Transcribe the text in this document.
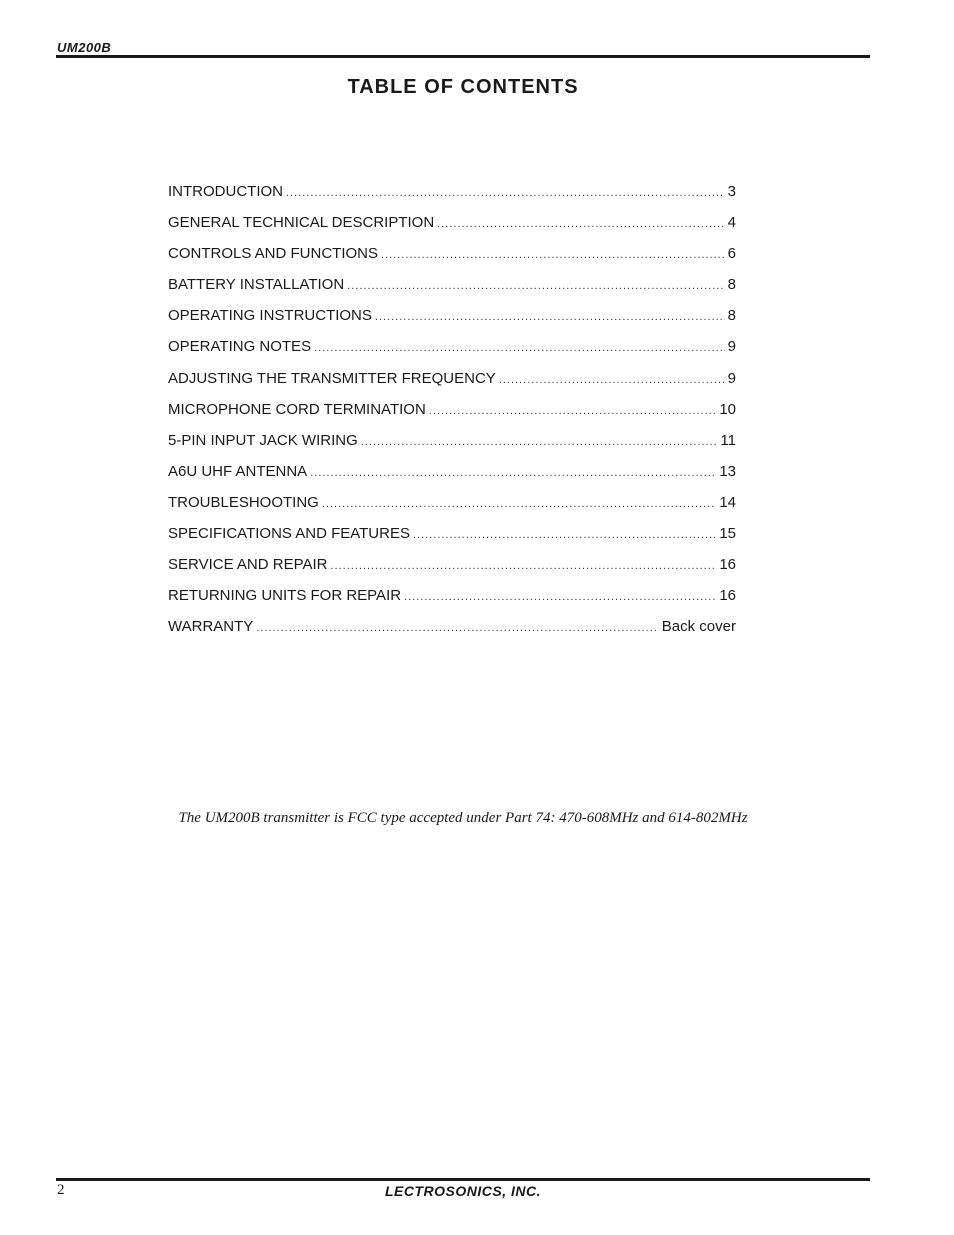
UM200B
TABLE OF CONTENTS
INTRODUCTION .....	3
GENERAL TECHNICAL DESCRIPTION .....	4
CONTROLS AND FUNCTIONS .....	6
BATTERY INSTALLATION .....	8
OPERATING INSTRUCTIONS .....	8
OPERATING NOTES .....	9
ADJUSTING THE TRANSMITTER FREQUENCY .....	9
MICROPHONE CORD TERMINATION .....	10
5-PIN INPUT JACK WIRING .....	11
A6U UHF ANTENNA .....	13
TROUBLESHOOTING .....	14
SPECIFICATIONS AND FEATURES .....	15
SERVICE AND REPAIR .....	16
RETURNING UNITS FOR REPAIR .....	16
WARRANTY .....	Back cover
The UM200B transmitter is FCC type accepted under Part 74: 470-608MHz and 614-802MHz
2	LECTROSONICS, INC.
